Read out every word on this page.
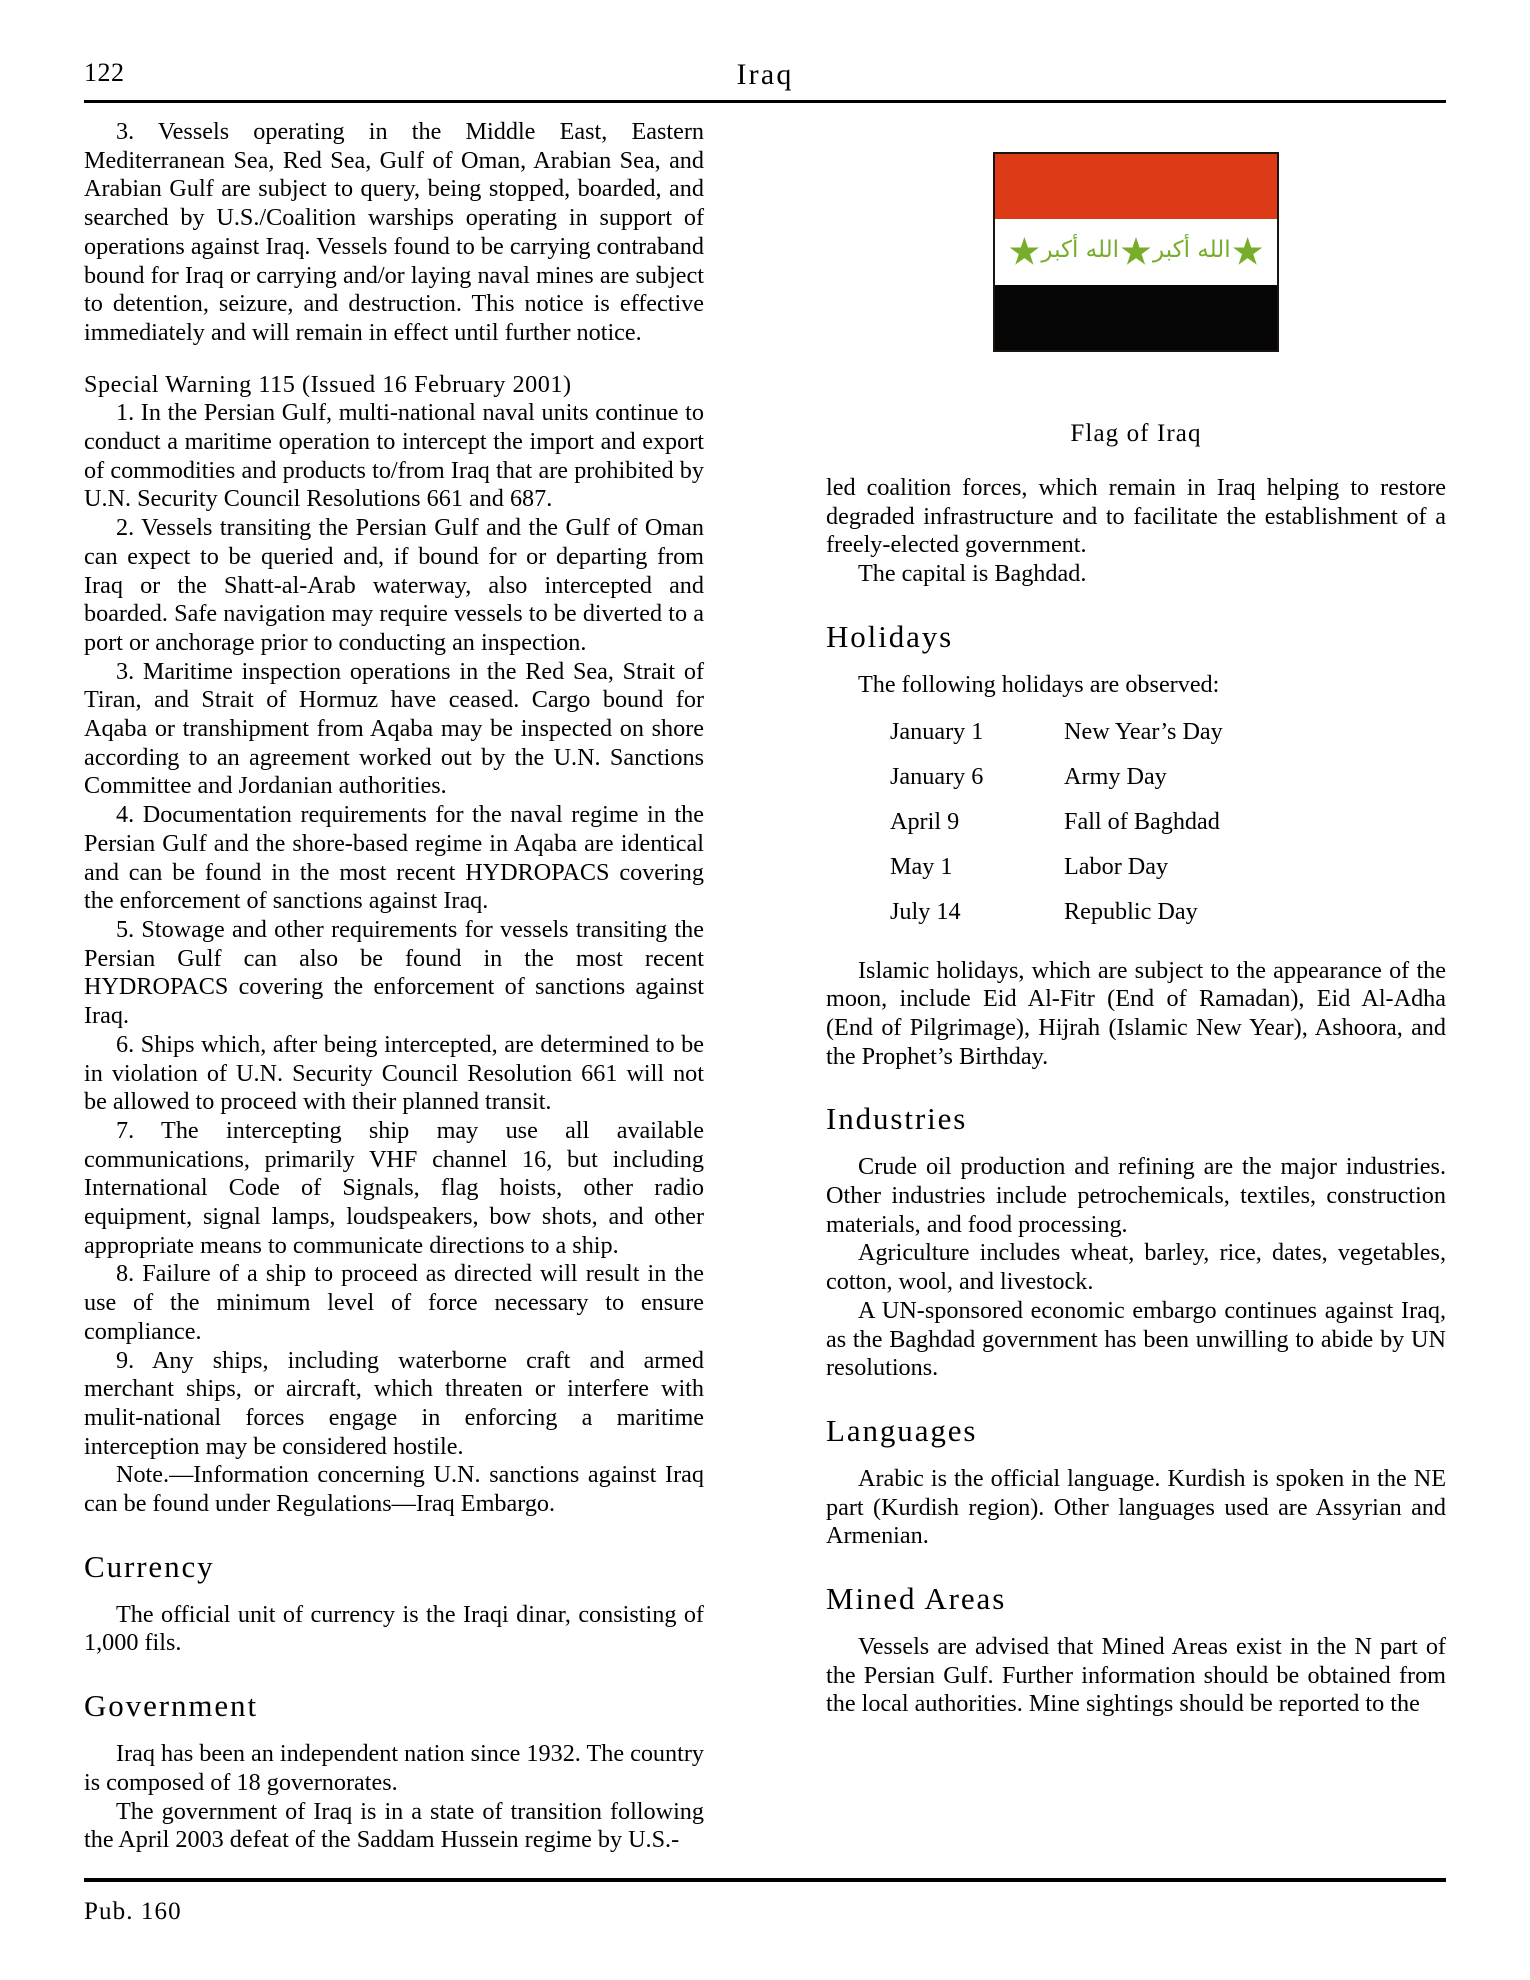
122	Iraq

3. Vessels operating in the Middle East, Eastern Mediterranean Sea, Red Sea, Gulf of Oman, Arabian Sea, and Arabian Gulf are subject to query, being stopped, boarded, and searched by U.S./Coalition warships operating in support of operations against Iraq. Vessels found to be carrying contraband bound for Iraq or carrying and/or laying naval mines are subject to detention, seizure, and destruction. This notice is effective immediately and will remain in effect until further notice.

Special Warning 115 (Issued 16 February 2001)

1. In the Persian Gulf, multi-national naval units continue to conduct a maritime operation to intercept the import and export of commodities and products to/from Iraq that are prohibited by U.N. Security Council Resolutions 661 and 687.

2. Vessels transiting the Persian Gulf and the Gulf of Oman can expect to be queried and, if bound for or departing from Iraq or the Shatt-al-Arab waterway, also intercepted and boarded. Safe navigation may require vessels to be diverted to a port or anchorage prior to conducting an inspection.

3. Maritime inspection operations in the Red Sea, Strait of Tiran, and Strait of Hormuz have ceased. Cargo bound for Aqaba or transhipment from Aqaba may be inspected on shore according to an agreement worked out by the U.N. Sanctions Committee and Jordanian authorities.

4. Documentation requirements for the naval regime in the Persian Gulf and the shore-based regime in Aqaba are identical and can be found in the most recent HYDROPACS covering the enforcement of sanctions against Iraq.

5. Stowage and other requirements for vessels transiting the Persian Gulf can also be found in the most recent HYDROPACS covering the enforcement of sanctions against Iraq.

6. Ships which, after being intercepted, are determined to be in violation of U.N. Security Council Resolution 661 will not be allowed to proceed with their planned transit.

7. The intercepting ship may use all available communications, primarily VHF channel 16, but including International Code of Signals, flag hoists, other radio equipment, signal lamps, loudspeakers, bow shots, and other appropriate means to communicate directions to a ship.

8. Failure of a ship to proceed as directed will result in the use of the minimum level of force necessary to ensure compliance.

9. Any ships, including waterborne craft and armed merchant ships, or aircraft, which threaten or interfere with mulit-national forces engage in enforcing a maritime interception may be considered hostile.

Note.—Information concerning U.N. sanctions against Iraq can be found under Regulations—Iraq Embargo.

Currency

The official unit of currency is the Iraqi dinar, consisting of 1,000 fils.

Government

Iraq has been an independent nation since 1932. The country is composed of 18 governorates.

The government of Iraq is in a state of transition following the April 2003 defeat of the Saddam Hussein regime by U.S.-

الله أكبر الله أكبر
Flag of Iraq

led coalition forces, which remain in Iraq helping to restore degraded infrastructure and to facilitate the establishment of a freely-elected government.

The capital is Baghdad.

Holidays

The following holidays are observed:

January 1	New Year’s Day
January 6	Army Day
April 9	Fall of Baghdad
May 1	Labor Day
July 14	Republic Day

Islamic holidays, which are subject to the appearance of the moon, include Eid Al-Fitr (End of Ramadan), Eid Al-Adha (End of Pilgrimage), Hijrah (Islamic New Year), Ashoora, and the Prophet’s Birthday.

Industries

Crude oil production and refining are the major industries. Other industries include petrochemicals, textiles, construction materials, and food processing.

Agriculture includes wheat, barley, rice, dates, vegetables, cotton, wool, and livestock.

A UN-sponsored economic embargo continues against Iraq, as the Baghdad government has been unwilling to abide by UN resolutions.

Languages

Arabic is the official language. Kurdish is spoken in the NE part (Kurdish region). Other languages used are Assyrian and Armenian.

Mined Areas

Vessels are advised that Mined Areas exist in the N part of the Persian Gulf. Further information should be obtained from the local authorities. Mine sightings should be reported to the

Pub. 160
